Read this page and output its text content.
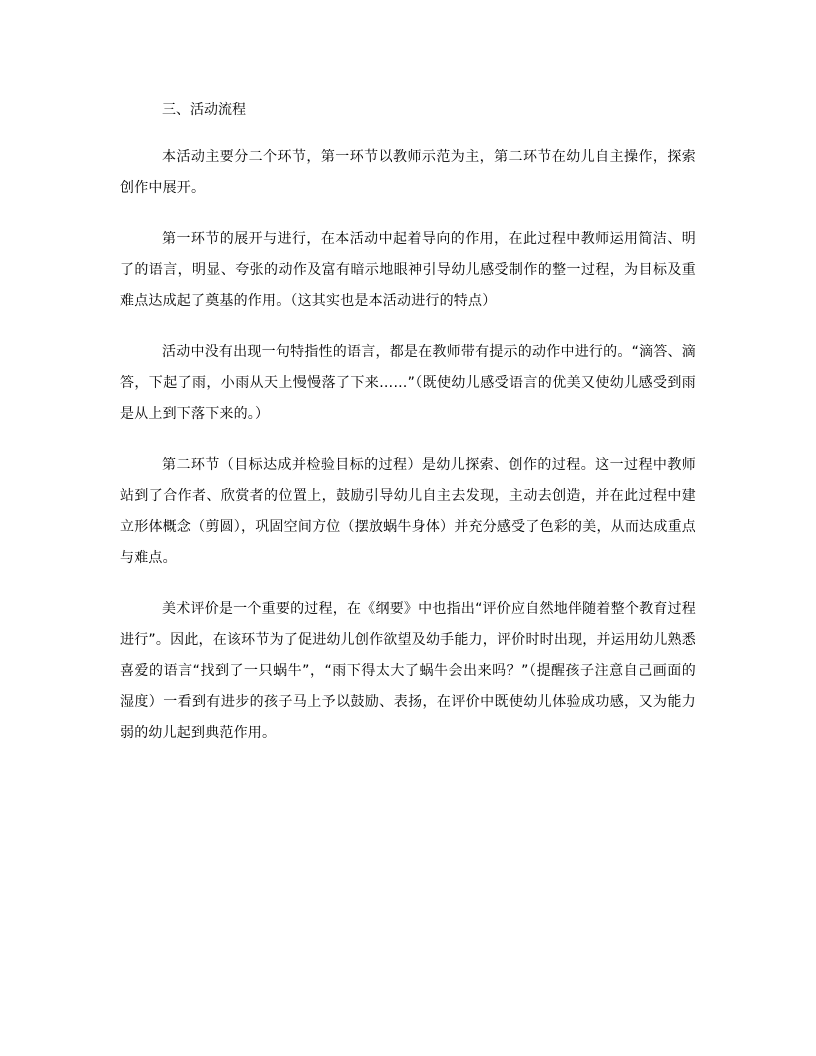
三、活动流程

本活动主要分二个环节，第一环节以教师示范为主，第二环节在幼儿自主操作，探索创作中展开。

第一环节的展开与进行，在本活动中起着导向的作用，在此过程中教师运用简洁、明了的语言，明显、夸张的动作及富有暗示地眼神引导幼儿感受制作的整一过程，为目标及重难点达成起了奠基的作用。（这其实也是本活动进行的特点）

活动中没有出现一句特指性的语言，都是在教师带有提示的动作中进行的。“滴答、滴答，下起了雨，小雨从天上慢慢落了下来……”（既使幼儿感受语言的优美又使幼儿感受到雨是从上到下落下来的。）

第二环节（目标达成并检验目标的过程）是幼儿探索、创作的过程。这一过程中教师站到了合作者、欣赏者的位置上，鼓励引导幼儿自主去发现，主动去创造，并在此过程中建立形体概念（剪圆），巩固空间方位（摆放蜗牛身体）并充分感受了色彩的美，从而达成重点与难点。

美术评价是一个重要的过程，在《纲要》中也指出“评价应自然地伴随着整个教育过程进行”。因此，在该环节为了促进幼儿创作欲望及幼手能力，评价时时出现，并运用幼儿熟悉喜爱的语言“找到了一只蜗牛”，“雨下得太大了蜗牛会出来吗？”（提醒孩子注意自己画面的湿度）一看到有进步的孩子马上予以鼓励、表扬，在评价中既使幼儿体验成功感，又为能力弱的幼儿起到典范作用。
